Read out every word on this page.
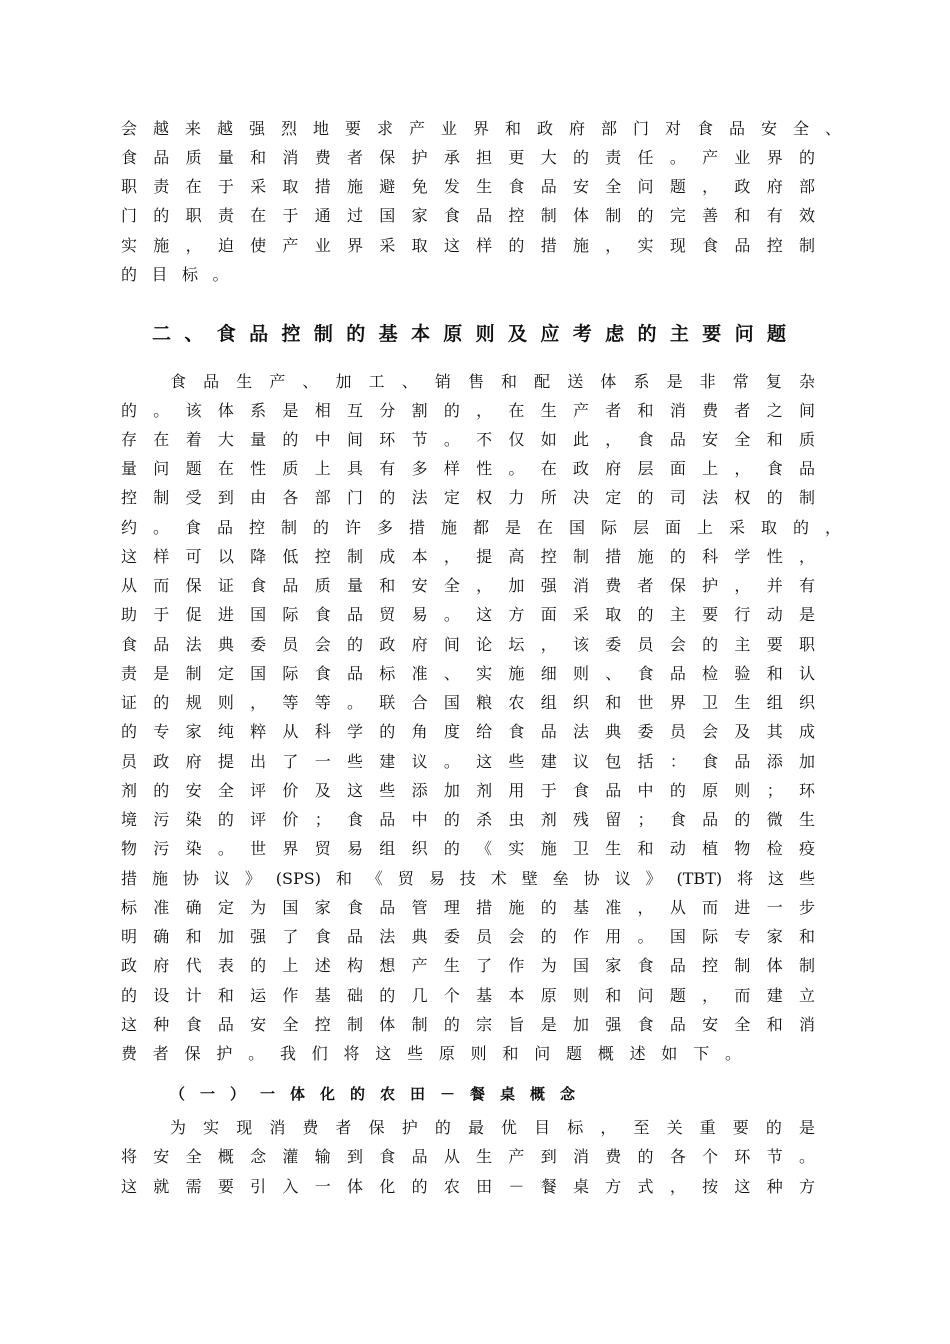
会越来越强烈地要求产业界和政府部门对食品安全、
食品质量和消费者保护承担更大的责任。产业界的
职责在于采取措施避免发生食品安全问题，政府部
门的职责在于通过国家食品控制体制的完善和有效
实施，迫使产业界采取这样的措施，实现食品控制
的目标。
二、食品控制的基本原则及应考虑的主要问题
食品生产、加工、销售和配送体系是非常复杂
的。该体系是相互分割的，在生产者和消费者之间
存在着大量的中间环节。不仅如此，食品安全和质
量问题在性质上具有多样性。在政府层面上，食品
控制受到由各部门的法定权力所决定的司法权的制
约。食品控制的许多措施都是在国际层面上采取的，
这样可以降低控制成本，提高控制措施的科学性，
从而保证食品质量和安全，加强消费者保护，并有
助于促进国际食品贸易。这方面采取的主要行动是
食品法典委员会的政府间论坛，该委员会的主要职
责是制定国际食品标准、实施细则、食品检验和认
证的规则，等等。联合国粮农组织和世界卫生组织
的专家纯粹从科学的角度给食品法典委员会及其成
员政府提出了一些建议。这些建议包括：食品添加
剂的安全评价及这些添加剂用于食品中的原则；环
境污染的评价；食品中的杀虫剂残留；食品的微生
物污染。世界贸易组织的《实施卫生和动植物检疫
措施协议》(SPS)和《贸易技术壁垒协议》(TBT)将这些
标准确定为国家食品管理措施的基准，从而进一步
明确和加强了食品法典委员会的作用。国际专家和
政府代表的上述构想产生了作为国家食品控制体制
的设计和运作基础的几个基本原则和问题，而建立
这种食品安全控制体制的宗旨是加强食品安全和消
费者保护。我们将这些原则和问题概述如下。
（一）一体化的农田－餐桌概念
为实现消费者保护的最优目标，至关重要的是
将安全概念灌输到食品从生产到消费的各个环节。
这就需要引入一体化的农田－餐桌方式，按这种方
